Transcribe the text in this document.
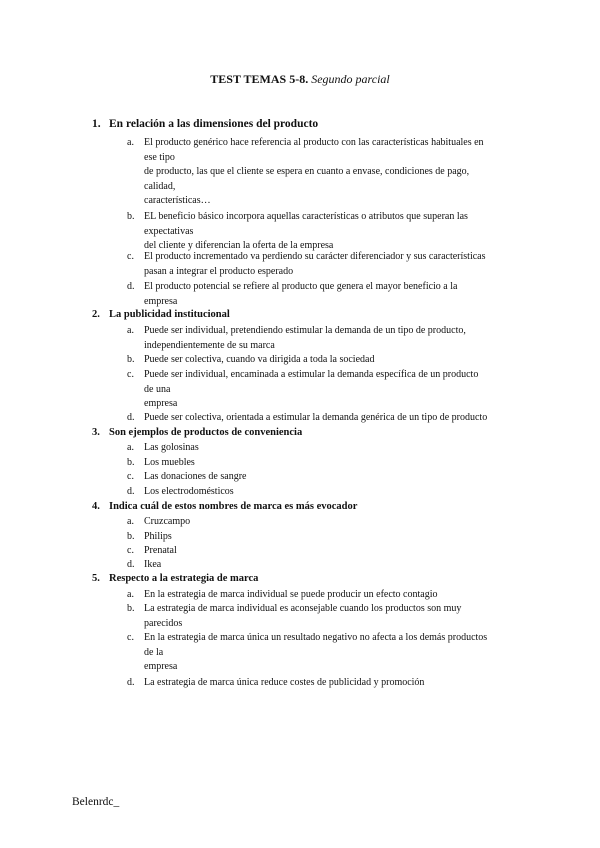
TEST TEMAS 5-8. Segundo parcial
1. En relación a las dimensiones del producto
a. El producto genérico hace referencia al producto con las características habituales en
ese tipo
de producto, las que el cliente se espera en cuanto a envase, condiciones de pago,
calidad,
características…
b. EL beneficio básico incorpora aquellas características o atributos que superan las
expectativas
del cliente y diferencian la oferta de la empresa
c. El producto incrementado va perdiendo su carácter diferenciador y sus características
pasan a integrar el producto esperado
d. El producto potencial se refiere al producto que genera el mayor beneficio a la
empresa
2. La publicidad institucional
a. Puede ser individual, pretendiendo estimular la demanda de un tipo de producto,
independientemente de su marca
b. Puede ser colectiva, cuando va dirigida a toda la sociedad
c. Puede ser individual, encaminada a estimular la demanda específica de un producto
de una
empresa
d. Puede ser colectiva, orientada a estimular la demanda genérica de un tipo de producto
3. Son ejemplos de productos de conveniencia
a. Las golosinas
b. Los muebles
c. Las donaciones de sangre
d. Los electrodomésticos
4. Indica cuál de estos nombres de marca es más evocador
a. Cruzcampo
b. Philips
c. Prenatal
d. Ikea
5. Respecto a la estrategia de marca
a. En la estrategia de marca individual se puede producir un efecto contagio
b. La estrategia de marca individual es aconsejable cuando los productos son muy
parecidos
c. En la estrategia de marca única un resultado negativo no afecta a los demás productos
de la
empresa
d. La estrategia de marca única reduce costes de publicidad y promoción
Belenrdc_
